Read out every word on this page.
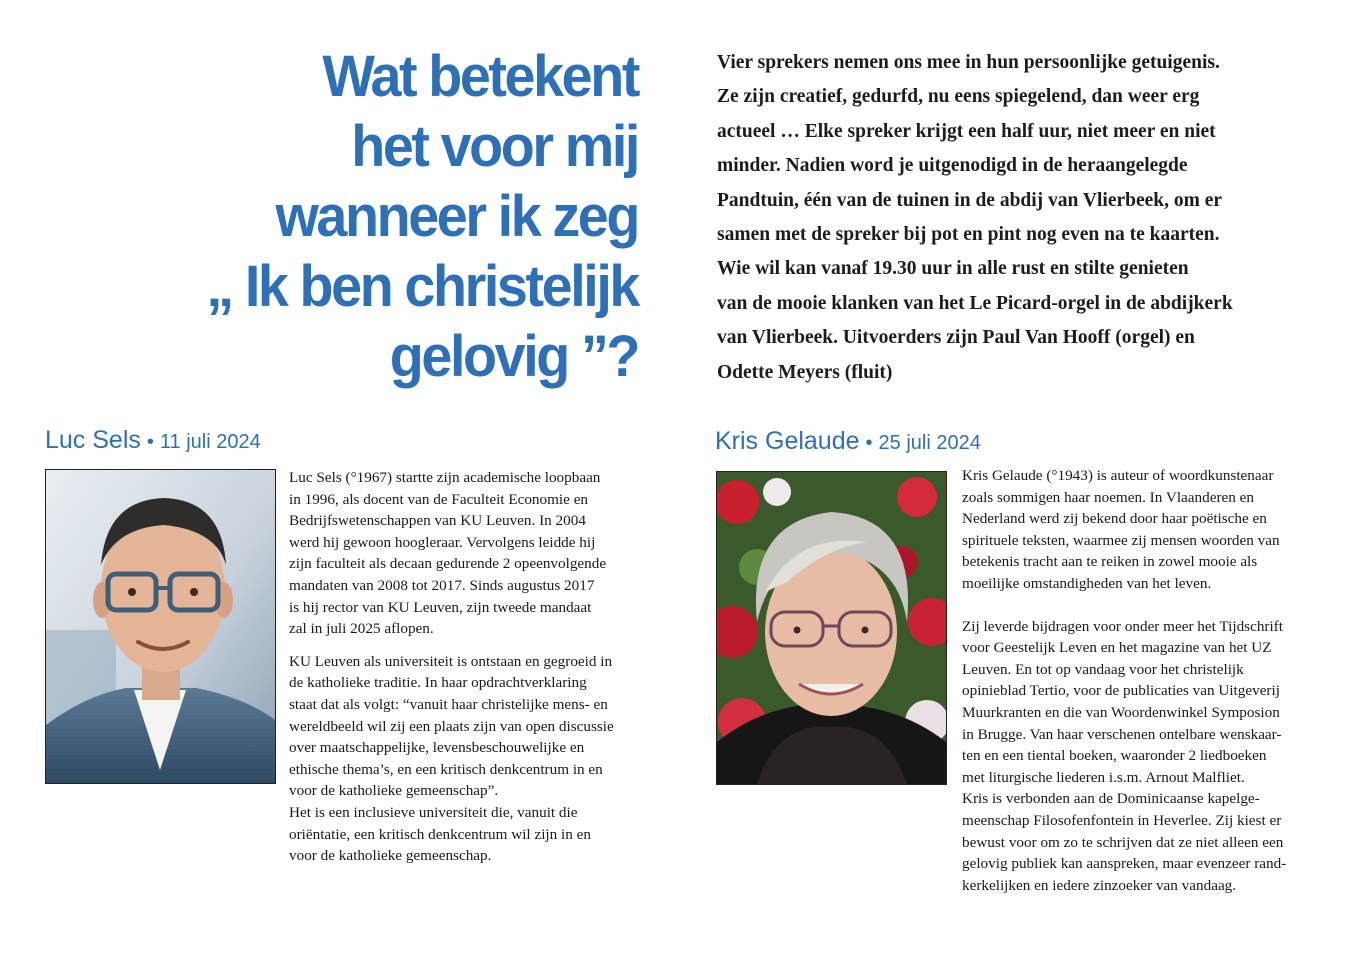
Wat betekent
het voor mij
wanneer ik zeg
„ Ik ben christelijk
gelovig ”?
Vier sprekers nemen ons mee in hun persoonlijke getuigenis.
Ze zijn creatief, gedurfd, nu eens spiegelend, dan weer erg
actueel … Elke spreker krijgt een half uur, niet meer en niet
minder. Nadien word je uitgenodigd in de heraangelegde
Pandtuin, één van de tuinen in de abdij van Vlierbeek, om er
samen met de spreker bij pot en pint nog even na te kaarten.
Wie wil kan vanaf 19.30 uur in alle rust en stilte genieten
van de mooie klanken van het Le Picard-orgel in de abdijkerk
van Vlierbeek. Uitvoerders zijn Paul Van Hooff (orgel) en
Odette Meyers (fluit)
Luc Sels • 11 juli 2024

Luc Sels (°1967) startte zijn academische loopbaan
in 1996, als docent van de Faculteit Economie en
Bedrijfswetenschappen van KU Leuven. In 2004
werd hij gewoon hoogleraar. Vervolgens leidde hij
zijn faculteit als decaan gedurende 2 opeenvolgende
mandaten van 2008 tot 2017. Sinds augustus 2017
is hij rector van KU Leuven, zijn tweede mandaat
zal in juli 2025 aflopen.

KU Leuven als universiteit is ontstaan en gegroeid in
de katholieke traditie. In haar opdrachtverklaring
staat dat als volgt: “vanuit haar christelijke mens- en
wereldbeeld wil zij een plaats zijn van open discussie
over maatschappelijke, levensbeschouwelijke en
ethische thema’s, en een kritisch denkcentrum in en
voor de katholieke gemeenschap”.
Het is een inclusieve universiteit die, vanuit die
oriëntatie, een kritisch denkcentrum wil zijn in en
voor de katholieke gemeenschap.

Kris Gelaude • 25 juli 2024

Kris Gelaude (°1943) is auteur of woordkunstenaar
zoals sommigen haar noemen. In Vlaanderen en
Nederland werd zij bekend door haar poëtische en
spirituele teksten, waarmee zij mensen woorden van
betekenis tracht aan te reiken in zowel mooie als
moeilijke omstandigheden van het leven.

Zij leverde bijdragen voor onder meer het Tijdschrift
voor Geestelijk Leven en het magazine van het UZ
Leuven. En tot op vandaag voor het christelijk
opinieblad Tertio, voor de publicaties van Uitgeverij
Muurkranten en die van Woordenwinkel Symposion
in Brugge. Van haar verschenen ontelbare wenskaar-
ten en een tiental boeken, waaronder 2 liedboeken
met liturgische liederen i.s.m. Arnout Malfliet.
Kris is verbonden aan de Dominicaanse kapelge-
meenschap Filosofenfontein in Heverlee. Zij kiest er
bewust voor om zo te schrijven dat ze niet alleen een
gelovig publiek kan aanspreken, maar evenzeer rand-
kerkelijken en iedere zinzoeker van vandaag.
